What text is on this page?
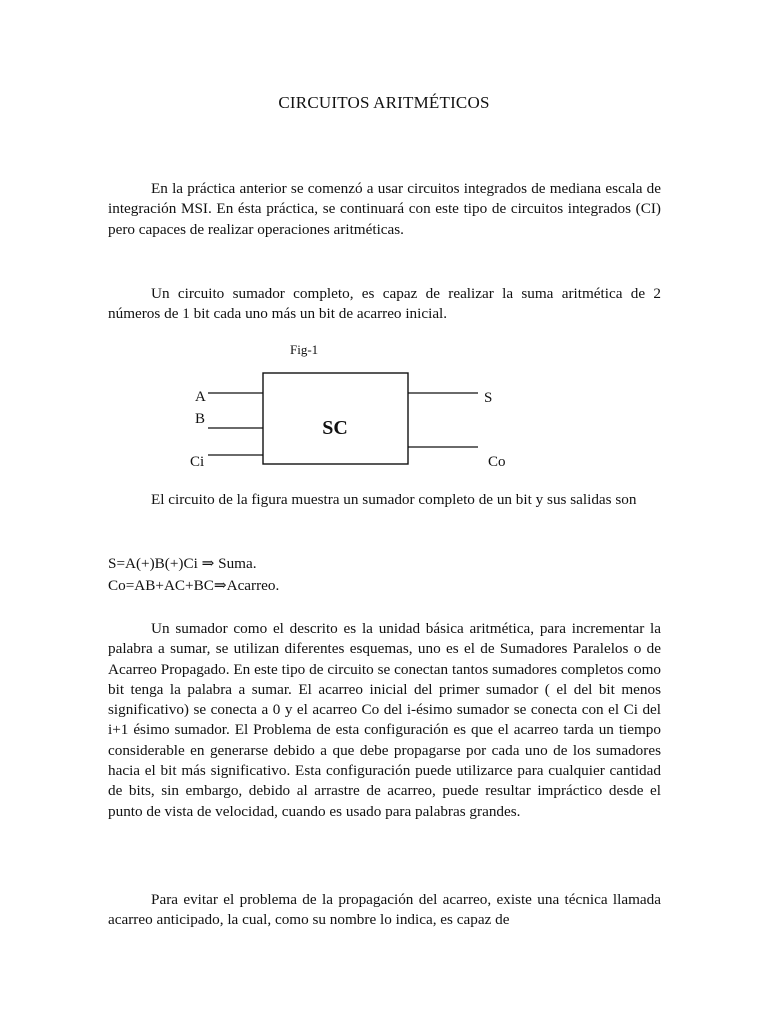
CIRCUITOS ARITMÉTICOS

En la práctica anterior se comenzó a usar circuitos integrados de mediana escala de integración MSI. En ésta práctica, se continuará con este tipo de circuitos integrados (CI) pero capaces de realizar operaciones aritméticas.

Un circuito sumador completo, es capaz de realizar la suma aritmética de 2 números de 1 bit cada uno más un bit de acarreo inicial.

Fig-1
SC
A
B
Ci
S
Co

El circuito de la figura muestra un sumador completo de un bit y sus salidas son

S=A(+)B(+)Ci ⇒ Suma.
Co=AB+AC+BC⇒Acarreo.

Un sumador como el descrito es la unidad básica aritmética, para incrementar la palabra a sumar, se utilizan diferentes esquemas, uno es el de Sumadores Paralelos o de Acarreo Propagado. En este tipo de circuito se conectan tantos sumadores completos como bit tenga la palabra a sumar. El acarreo inicial del primer sumador ( el del bit menos significativo) se conecta a 0 y el acarreo Co del i-ésimo sumador se conecta con el Ci del i+1 ésimo sumador. El Problema de esta configuración es que el acarreo tarda un tiempo considerable en generarse debido a que debe propagarse por cada uno de los sumadores hacia el bit más significativo. Esta configuración puede utilizarce para cualquier cantidad de bits, sin embargo, debido al arrastre de acarreo, puede resultar impráctico desde el punto de vista de velocidad, cuando es usado para palabras grandes.

Para evitar el problema de la propagación del acarreo, existe una técnica llamada acarreo anticipado, la cual, como su nombre lo indica, es capaz de
